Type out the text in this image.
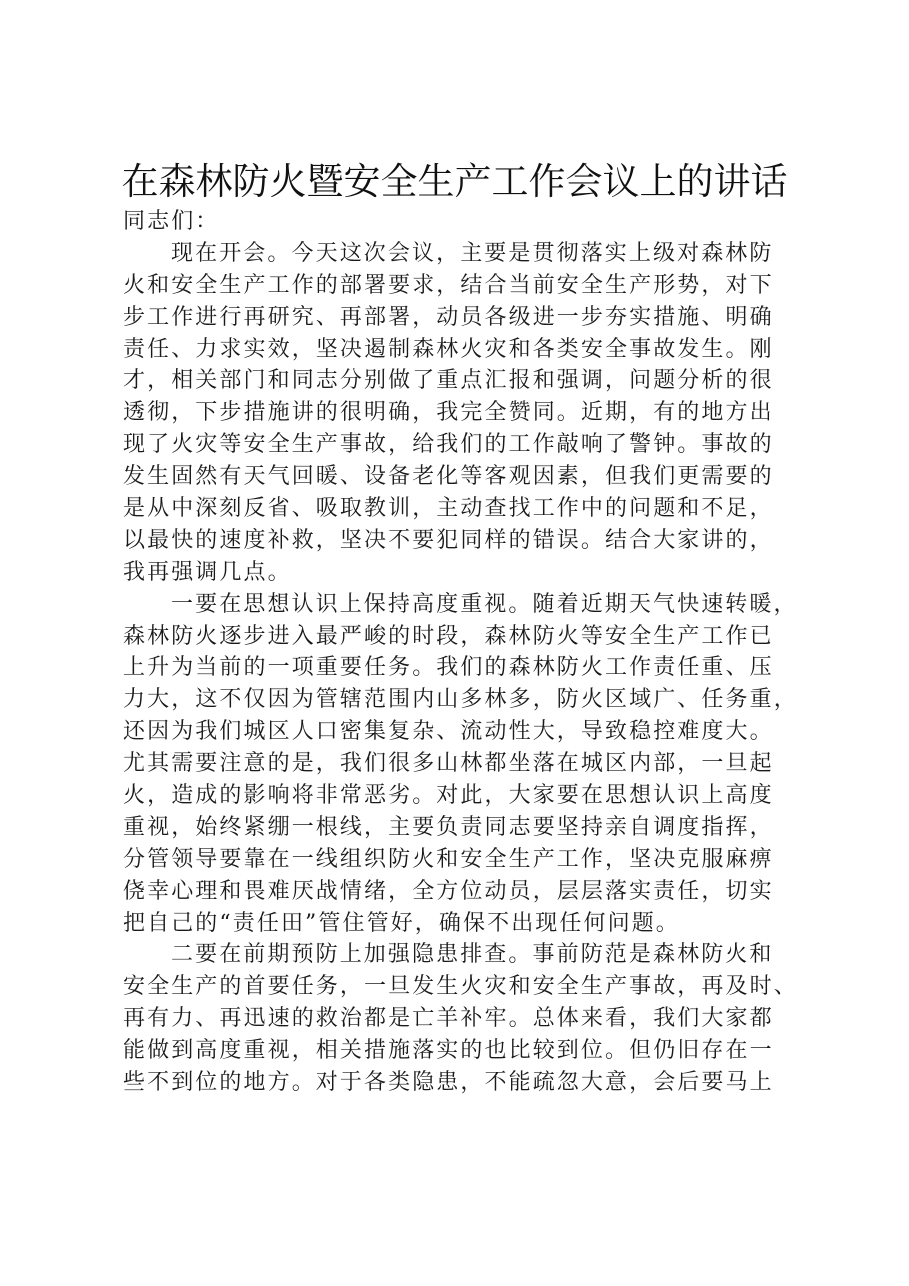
在森林防火暨安全生产工作会议上的讲话
同志们：
现在开会。今天这次会议，主要是贯彻落实上级对森林防
火和安全生产工作的部署要求，结合当前安全生产形势，对下
步工作进行再研究、再部署，动员各级进一步夯实措施、明确
责任、力求实效，坚决遏制森林火灾和各类安全事故发生。刚
才，相关部门和同志分别做了重点汇报和强调，问题分析的很
透彻，下步措施讲的很明确，我完全赞同。近期，有的地方出
现了火灾等安全生产事故，给我们的工作敲响了警钟。事故的
发生固然有天气回暖、设备老化等客观因素，但我们更需要的
是从中深刻反省、吸取教训，主动查找工作中的问题和不足，
以最快的速度补救，坚决不要犯同样的错误。结合大家讲的，
我再强调几点。
一要在思想认识上保持高度重视。随着近期天气快速转暖，
森林防火逐步进入最严峻的时段，森林防火等安全生产工作已
上升为当前的一项重要任务。我们的森林防火工作责任重、压
力大，这不仅因为管辖范围内山多林多，防火区域广、任务重，
还因为我们城区人口密集复杂、流动性大，导致稳控难度大。
尤其需要注意的是，我们很多山林都坐落在城区内部，一旦起
火，造成的影响将非常恶劣。对此，大家要在思想认识上高度
重视，始终紧绷一根线，主要负责同志要坚持亲自调度指挥，
分管领导要靠在一线组织防火和安全生产工作，坚决克服麻痹
侥幸心理和畏难厌战情绪，全方位动员，层层落实责任，切实
把自己的“责任田”管住管好，确保不出现任何问题。
二要在前期预防上加强隐患排查。事前防范是森林防火和
安全生产的首要任务，一旦发生火灾和安全生产事故，再及时、
再有力、再迅速的救治都是亡羊补牢。总体来看，我们大家都
能做到高度重视，相关措施落实的也比较到位。但仍旧存在一
些不到位的地方。对于各类隐患，不能疏忽大意，会后要马上
